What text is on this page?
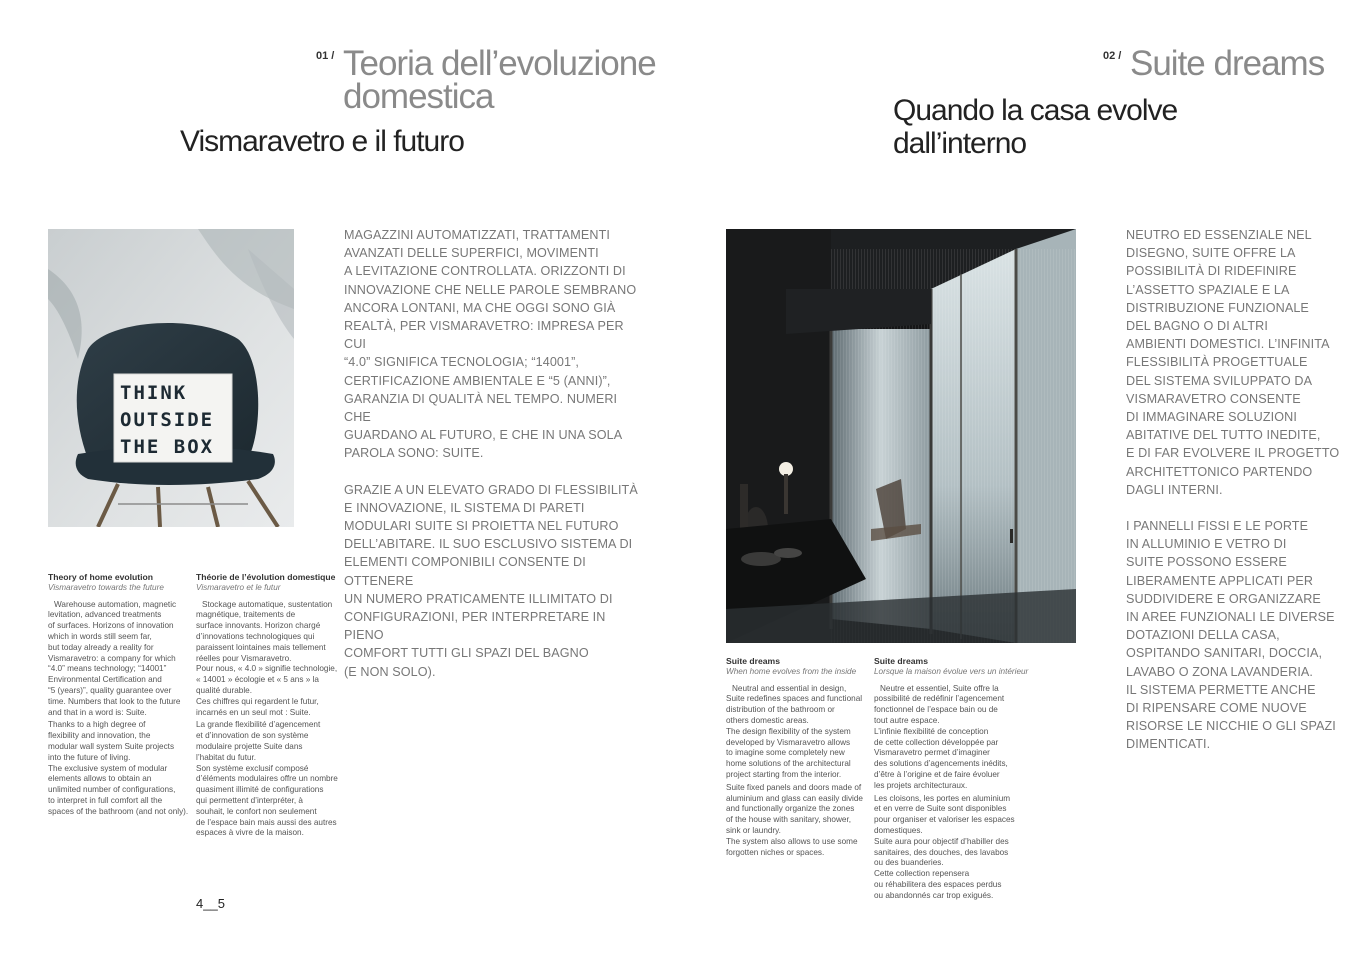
01 / Teoria dell’evoluzione
domestica
Vismaravetro e il futuro
THINK
OUTSIDE
THE BOX

MAGAZZINI AUTOMATIZZATI, TRATTAMENTI
AVANZATI DELLE SUPERFICI, MOVIMENTI
A LEVITAZIONE CONTROLLATA. ORIZZONTI DI
INNOVAZIONE CHE NELLE PAROLE SEMBRANO
ANCORA LONTANI, MA CHE OGGI SONO GIÀ
REALTÀ, PER VISMARAVETRO: IMPRESA PER CUI
“4.0” SIGNIFICA TECNOLOGIA; “14001”,
CERTIFICAZIONE AMBIENTALE E “5 (ANNI)”,
GARANZIA DI QUALITÀ NEL TEMPO. NUMERI CHE
GUARDANO AL FUTURO, E CHE IN UNA SOLA
PAROLA SONO: SUITE.

GRAZIE A UN ELEVATO GRADO DI FLESSIBILITÀ
E INNOVAZIONE, IL SISTEMA DI PARETI
MODULARI SUITE SI PROIETTA NEL FUTURO
DELL’ABITARE. IL SUO ESCLUSIVO SISTEMA DI
ELEMENTI COMPONIBILI CONSENTE DI OTTENERE
UN NUMERO PRATICAMENTE ILLIMITATO DI
CONFIGURAZIONI, PER INTERPRETARE IN PIENO
COMFORT TUTTI GLI SPAZI DEL BAGNO
(E NON SOLO).

Theory of home evolution
Vismaravetro towards the future
Warehouse automation, magnetic
levitation, advanced treatments
of surfaces. Horizons of innovation
which in words still seem far,
but today already a reality for
Vismaravetro: a company for which
“4.0” means technology; “14001”
Environmental Certification and
“5 (years)”, quality guarantee over
time. Numbers that look to the future
and that in a word is: Suite.
Thanks to a high degree of
flexibility and innovation, the
modular wall system Suite projects
into the future of living.
The exclusive system of modular
elements allows to obtain an
unlimited number of configurations,
to interpret in full comfort all the
spaces of the bathroom (and not only).
Théorie de l’évolution domestique
Vismaravetro et le futur
Stockage automatique, sustentation
magnétique, traitements de
surface innovants. Horizon chargé
d’innovations technologiques qui
paraissent lointaines mais tellement
réelles pour Vismaravetro.
Pour nous, « 4.0 » signifie technologie,
« 14001 » écologie et « 5 ans » la
qualité durable.
Ces chiffres qui regardent le futur,
incarnés en un seul mot : Suite.
La grande flexibilité d’agencement
et d’innovation de son système
modulaire projette Suite dans
l’habitat du futur.
Son système exclusif composé
d’éléments modulaires offre un nombre
quasiment illimité de configurations
qui permettent d’interpréter, à
souhait, le confort non seulement
de l’espace bain mais aussi des autres
espaces à vivre de la maison.
4__5
02 / Suite dreams
Quando la casa evolve
dall’interno

NEUTRO ED ESSENZIALE NEL
DISEGNO, SUITE OFFRE LA
POSSIBILITÀ DI RIDEFINIRE
L’ASSETTO SPAZIALE E LA
DISTRIBUZIONE FUNZIONALE
DEL BAGNO O DI ALTRI
AMBIENTI DOMESTICI. L’INFINITA
FLESSIBILITÀ PROGETTUALE
DEL SISTEMA SVILUPPATO DA
VISMARAVETRO CONSENTE
DI IMMAGINARE SOLUZIONI
ABITATIVE DEL TUTTO INEDITE,
E DI FAR EVOLVERE IL PROGETTO
ARCHITETTONICO PARTENDO
DAGLI INTERNI.

I PANNELLI FISSI E LE PORTE
IN ALLUMINIO E VETRO DI
SUITE POSSONO ESSERE
LIBERAMENTE APPLICATI PER
SUDDIVIDERE E ORGANIZZARE
IN AREE FUNZIONALI LE DIVERSE
DOTAZIONI DELLA CASA,
OSPITANDO SANITARI, DOCCIA,
LAVABO O ZONA LAVANDERIA.
IL SISTEMA PERMETTE ANCHE
DI RIPENSARE COME NUOVE
RISORSE LE NICCHIE O GLI SPAZI
DIMENTICATI.

Suite dreams
When home evolves from the inside
Neutral and essential in design,
Suite redefines spaces and functional
distribution of the bathroom or
others domestic areas.
The design flexibility of the system
developed by Vismaravetro allows
to imagine some completely new
home solutions of the architectural
project starting from the interior.
Suite fixed panels and doors made of
aluminium and glass can easily divide
and functionally organize the zones
of the house with sanitary, shower,
sink or laundry.
The system also allows to use some
forgotten niches or spaces.
Suite dreams
Lorsque la maison évolue vers un intérieur
Neutre et essentiel, Suite offre la
possibilité de redéfinir l’agencement
fonctionnel de l’espace bain ou de
tout autre espace.
L’infinie flexibilité de conception
de cette collection développée par
Vismaravetro permet d’imaginer
des solutions d’agencements inédits,
d’être à l’origine et de faire évoluer
les projets architecturaux.
Les cloisons, les portes en aluminium
et en verre de Suite sont disponibles
pour organiser et valoriser les espaces
domestiques.
Suite aura pour objectif d’habiller des
sanitaires, des douches, des lavabos
ou des buanderies.
Cette collection repensera
ou réhabilitera des espaces perdus
ou abandonnés car trop exigués.
